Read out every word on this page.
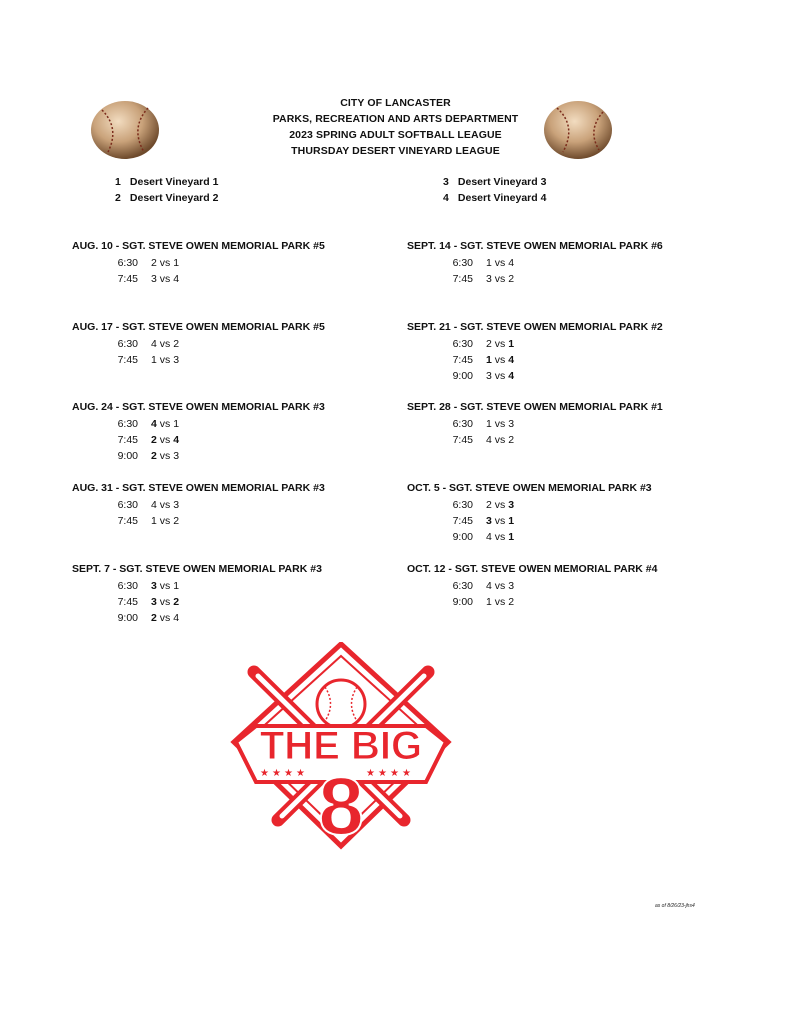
CITY OF LANCASTER
PARKS, RECREATION AND ARTS DEPARTMENT
2023 SPRING ADULT SOFTBALL LEAGUE
THURSDAY DESERT VINEYARD LEAGUE
1 Desert Vineyard 1
2 Desert Vineyard 2
3 Desert Vineyard 3
4 Desert Vineyard 4
AUG. 10 - SGT. STEVE OWEN MEMORIAL PARK #5
6:30 2 vs 1
7:45 3 vs 4
AUG. 17 - SGT. STEVE OWEN MEMORIAL PARK #5
6:30 4 vs 2
7:45 1 vs 3
AUG. 24 - SGT. STEVE OWEN MEMORIAL PARK #3
6:30 4 vs 1
7:45 2 vs 4
9:00 2 vs 3
AUG. 31 - SGT. STEVE OWEN MEMORIAL PARK #3
6:30 4 vs 3
7:45 1 vs 2
SEPT. 7 - SGT. STEVE OWEN MEMORIAL PARK #3
6:30 3 vs 1
7:45 3 vs 2
9:00 2 vs 4
SEPT. 14 - SGT. STEVE OWEN MEMORIAL PARK #6
6:30 1 vs 4
7:45 3 vs 2
SEPT. 21 - SGT. STEVE OWEN MEMORIAL PARK #2
6:30 2 vs 1
7:45 1 vs 4
9:00 3 vs 4
SEPT. 28 - SGT. STEVE OWEN MEMORIAL PARK #1
6:30 1 vs 3
7:45 4 vs 2
OCT. 5 - SGT. STEVE OWEN MEMORIAL PARK #3
6:30 2 vs 3
7:45 3 vs 1
9:00 4 vs 1
OCT. 12 - SGT. STEVE OWEN MEMORIAL PARK #4
6:30 4 vs 3
9:00 1 vs 2
THE BIG
★ ★ ★ ★	★ ★ ★ ★
8
as of 8/26/23-jhs4
